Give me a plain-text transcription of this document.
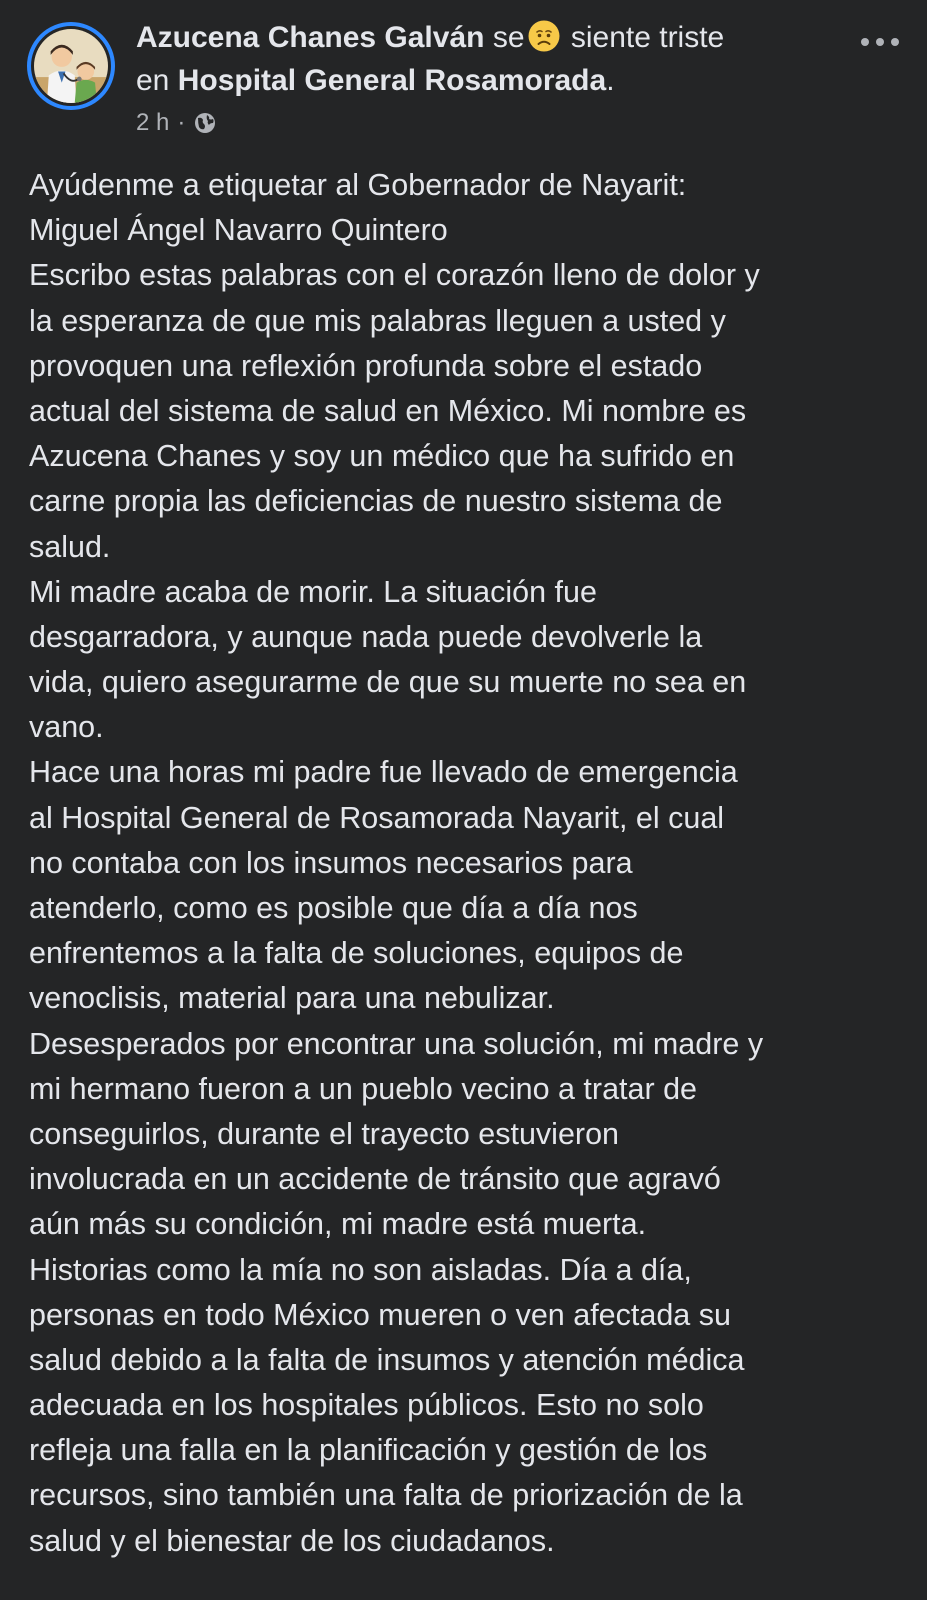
Azucena Chanes Galván se siente triste
en Hospital General Rosamorada.
2 h ·
Ayúdenme a etiquetar al Gobernador de Nayarit:
Miguel Ángel Navarro Quintero
Escribo estas palabras con el corazón lleno de dolor y
la esperanza de que mis palabras lleguen a usted y
provoquen una reflexión profunda sobre el estado
actual del sistema de salud en México. Mi nombre es
Azucena Chanes y soy un médico que ha sufrido en
carne propia las deficiencias de nuestro sistema de
salud.
Mi madre acaba de morir. La situación fue
desgarradora, y aunque nada puede devolverle la
vida, quiero asegurarme de que su muerte no sea en
vano.
Hace una horas mi padre fue llevado de emergencia
al Hospital General de Rosamorada Nayarit, el cual
no contaba con los insumos necesarios para
atenderlo, como es posible que día a día nos
enfrentemos a la falta de soluciones, equipos de
venoclisis, material para una nebulizar.
Desesperados por encontrar una solución, mi madre y
mi hermano fueron a un pueblo vecino a tratar de
conseguirlos, durante el trayecto estuvieron
involucrada en un accidente de tránsito que agravó
aún más su condición, mi madre está muerta.
Historias como la mía no son aisladas. Día a día,
personas en todo México mueren o ven afectada su
salud debido a la falta de insumos y atención médica
adecuada en los hospitales públicos. Esto no solo
refleja una falla en la planificación y gestión de los
recursos, sino también una falta de priorización de la
salud y el bienestar de los ciudadanos.
